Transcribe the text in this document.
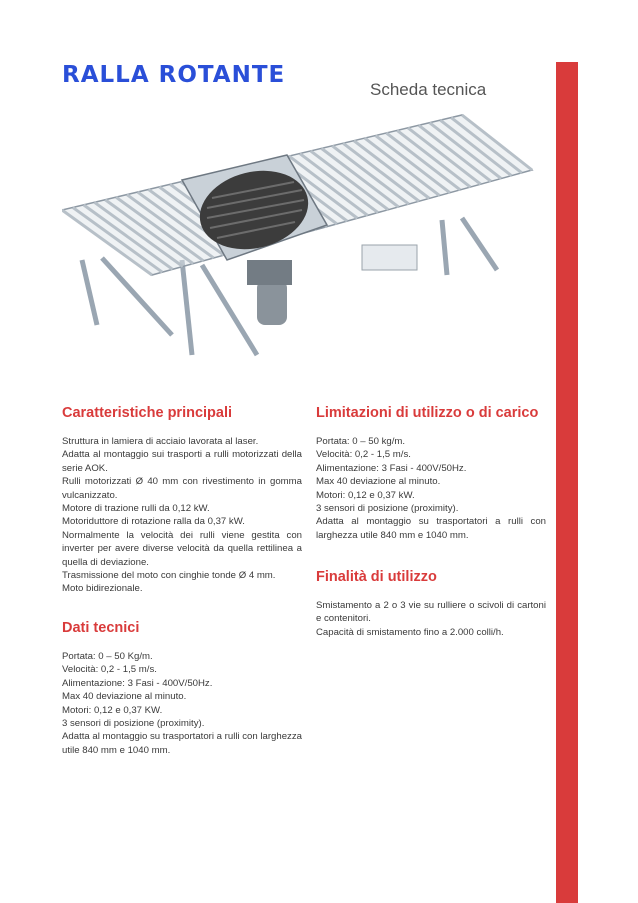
RALLA ROTANTE
Scheda tecnica
Caratteristiche principali

Struttura in lamiera di acciaio lavorata al laser.
Adatta al montaggio sui trasporti a rulli motorizzati della serie AOK.
Rulli motorizzati Ø 40 mm con rivestimento in gomma vulcanizzato.
Motore di trazione rulli da 0,12 kW.
Motoriduttore di rotazione ralla da 0,37 kW.
Normalmente la velocità dei rulli viene gestita con inverter per avere diverse velocità da quella rettilinea a quella di deviazione.
Trasmissione del moto con cinghie tonde Ø 4 mm.
Moto bidirezionale.

Dati tecnici

Portata: 0 – 50 Kg/m.
Velocità: 0,2 - 1,5 m/s.
Alimentazione: 3 Fasi - 400V/50Hz.
Max 40 deviazione al minuto.
Motori: 0,12 e 0,37 KW.
3 sensori di posizione (proximity).
Adatta al montaggio su trasportatori a rulli con larghezza utile 840 mm e 1040 mm.

Limitazioni di utilizzo o di carico

Portata: 0 – 50 kg/m.
Velocità: 0,2 - 1,5 m/s.
Alimentazione: 3 Fasi - 400V/50Hz.
Max 40 deviazione al minuto.
Motori: 0,12 e 0,37 kW.
3 sensori di posizione (proximity).
Adatta al montaggio su trasportatori a rulli con larghezza utile 840 mm e 1040 mm.

Finalità di utilizzo

Smistamento a 2 o 3 vie su rulliere o scivoli di cartoni e contenitori.
Capacità di smistamento fino a 2.000 colli/h.
